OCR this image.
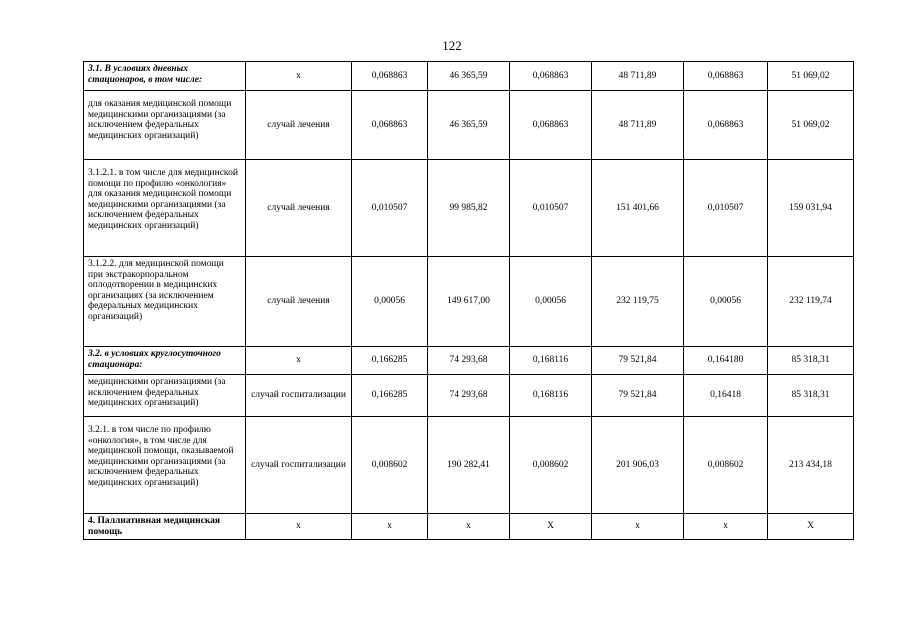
122
3.1. В условиях дневных стационаров, в том числе:	х	0,068863	46 365,59	0,068863	48 711,89	0,068863	51 069,02
для оказания медицинской помощи медицинскими организациями (за исключением федеральных медицинских организаций)	случай лечения	0,068863	46 365,59	0,068863	48 711,89	0,068863	51 069,02
3.1.2.1. в том числе для медицинской помощи по профилю «онкология» для оказания медицинской помощи медицинскими организациями (за исключением федеральных медицинских организаций)	случай лечения	0,010507	99 985,82	0,010507	151 401,66	0,010507	159 031,94
3.1.2.2. для медицинской помощи при экстракорпоральном оплодотворении в медицинских организациях (за исключением федеральных медицинских организаций)	случай лечения	0,00056	149 617,00	0,00056	232 119,75	0,00056	232 119,74
3.2. в условиях круглосуточного стационара:	х	0,166285	74 293,68	0,168116	79 521,84	0,164180	85 318,31
медицинскими организациями (за исключением федеральных медицинских организаций)	случай госпитализации	0,166285	74 293,68	0,168116	79 521,84	0,16418	85 318,31
3.2.1. в том числе по профилю «онкология», в том числе для медицинской помощи, оказываемой медицинскими организациями (за исключением федеральных медицинских организаций)	случай госпитализации	0,008602	190 282,41	0,008602	201 906,03	0,008602	213 434,18
4. Паллиативная медицинская помощь	х	х	х	Х	х	х	Х
